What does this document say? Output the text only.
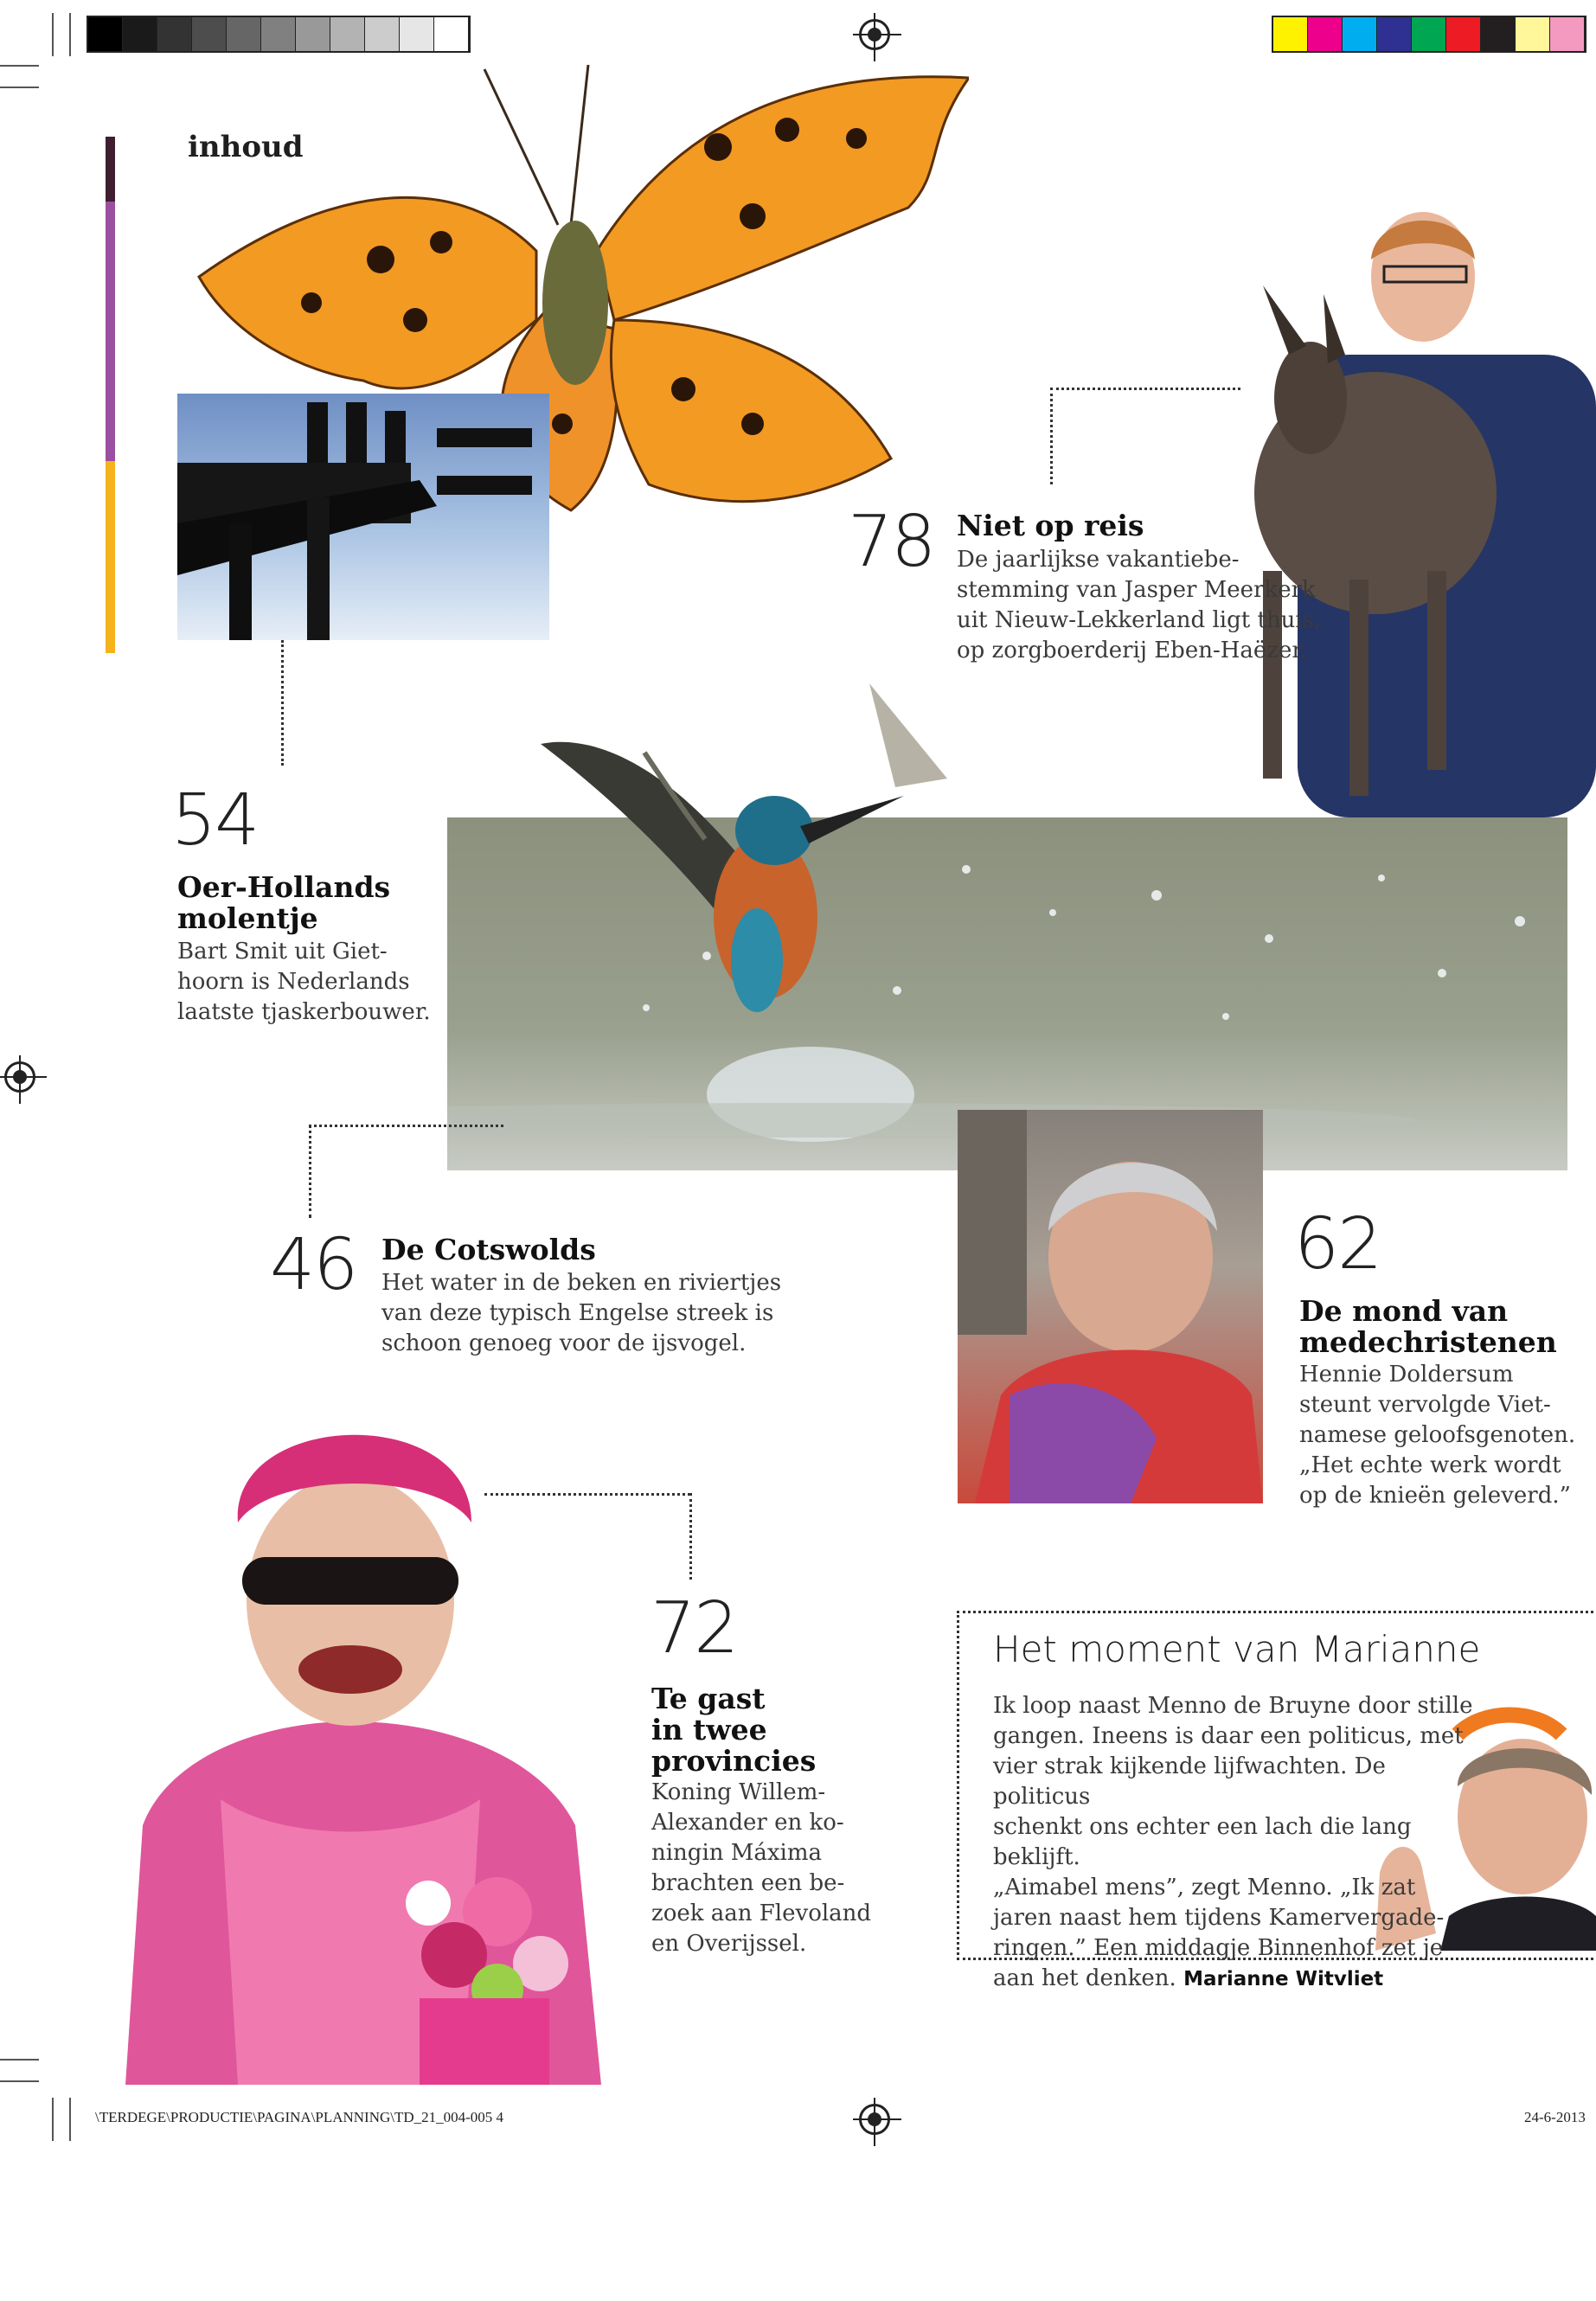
inhoud
78 Niet op reis
De jaarlijkse vakantiebe-
stemming van Jasper Meerkerk
uit Nieuw-Lekkerland ligt thuis,
op zorgboerderij Eben-Haëzer.
54
Oer-Hollands
molentje
Bart Smit uit Giet-
hoorn is Nederlands
laatste tjaskerbouwer.
46 De Cotswolds
Het water in de beken en riviertjes
van deze typisch Engelse streek is
schoon genoeg voor de ijsvogel.
62
De mond van
medechristenen
Hennie Doldersum
steunt vervolgde Viet-
namese geloofsgenoten.
„Het echte werk wordt
op de knieën geleverd.”
72
Te gast
in twee
provincies
Koning Willem-
Alexander en ko-
ningin Máxima
brachten een be-
zoek aan Flevoland
en Overijssel.
Het moment van Marianne
Ik loop naast Menno de Bruyne door stille
gangen. Ineens is daar een politicus, met
vier strak kijkende lijfwachten. De politicus
schenkt ons echter een lach die lang beklijft.
„Aimabel mens”, zegt Menno. „Ik zat
jaren naast hem tijdens Kamervergade-
ringen.” Een middagje Binnenhof zet je
aan het denken. Marianne Witvliet
\TERDEGE\PRODUCTIE\PAGINA\PLANNING\TD_21_004-005 4	24-6-2013
